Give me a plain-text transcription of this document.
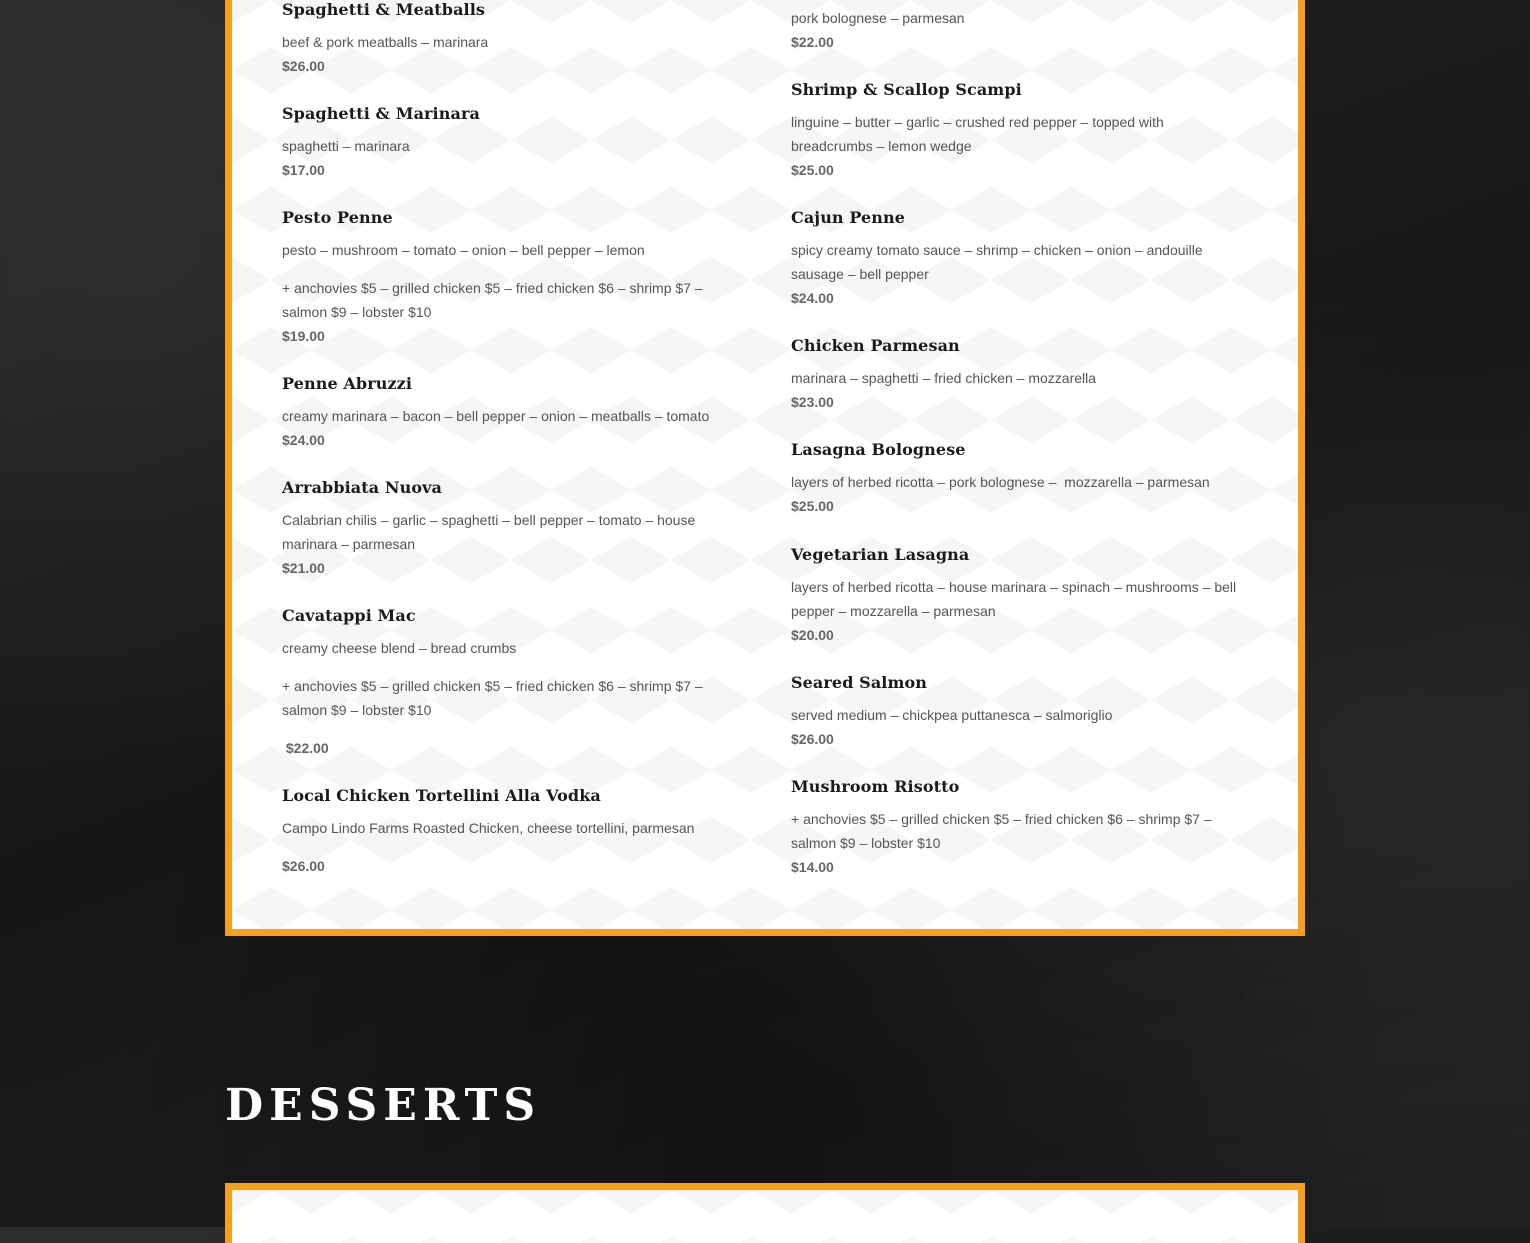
Spaghetti & Meatballs

beef & pork meatballs – marinara

$26.00

Spaghetti & Marinara

spaghetti – marinara

$17.00

Pesto Penne

pesto – mushroom – tomato – onion – bell pepper – lemon

+ anchovies $5 – grilled chicken $5 – fried chicken $6 – shrimp $7 – salmon $9 – lobster $10

$19.00

Penne Abruzzi

creamy marinara – bacon – bell pepper – onion – meatballs – tomato

$24.00

Arrabbiata Nuova

Calabrian chilis – garlic – spaghetti – bell pepper – tomato – house marinara – parmesan

$21.00

Cavatappi Mac

creamy cheese blend – bread crumbs

+ anchovies $5 – grilled chicken $5 – fried chicken $6 – shrimp $7 – salmon $9 – lobster $10

$22.00

Local Chicken Tortellini Alla Vodka

Campo Lindo Farms Roasted Chicken, cheese tortellini, parmesan

$26.00

pork bolognese – parmesan

$22.00

Shrimp & Scallop Scampi

linguine – butter – garlic – crushed red pepper – topped with breadcrumbs – lemon wedge

$25.00

Cajun Penne

spicy creamy tomato sauce – shrimp – chicken – onion – andouille sausage – bell pepper

$24.00

Chicken Parmesan

marinara – spaghetti – fried chicken – mozzarella

$23.00

Lasagna Bolognese

layers of herbed ricotta – pork bolognese –  mozzarella – parmesan

$25.00

Vegetarian Lasagna

layers of herbed ricotta – house marinara – spinach – mushrooms – bell pepper – mozzarella – parmesan

$20.00

Seared Salmon

served medium – chickpea puttanesca – salmoriglio

$26.00

Mushroom Risotto

+ anchovies $5 – grilled chicken $5 – fried chicken $6 – shrimp $7 – salmon $9 – lobster $10

$14.00

DESSERTS
